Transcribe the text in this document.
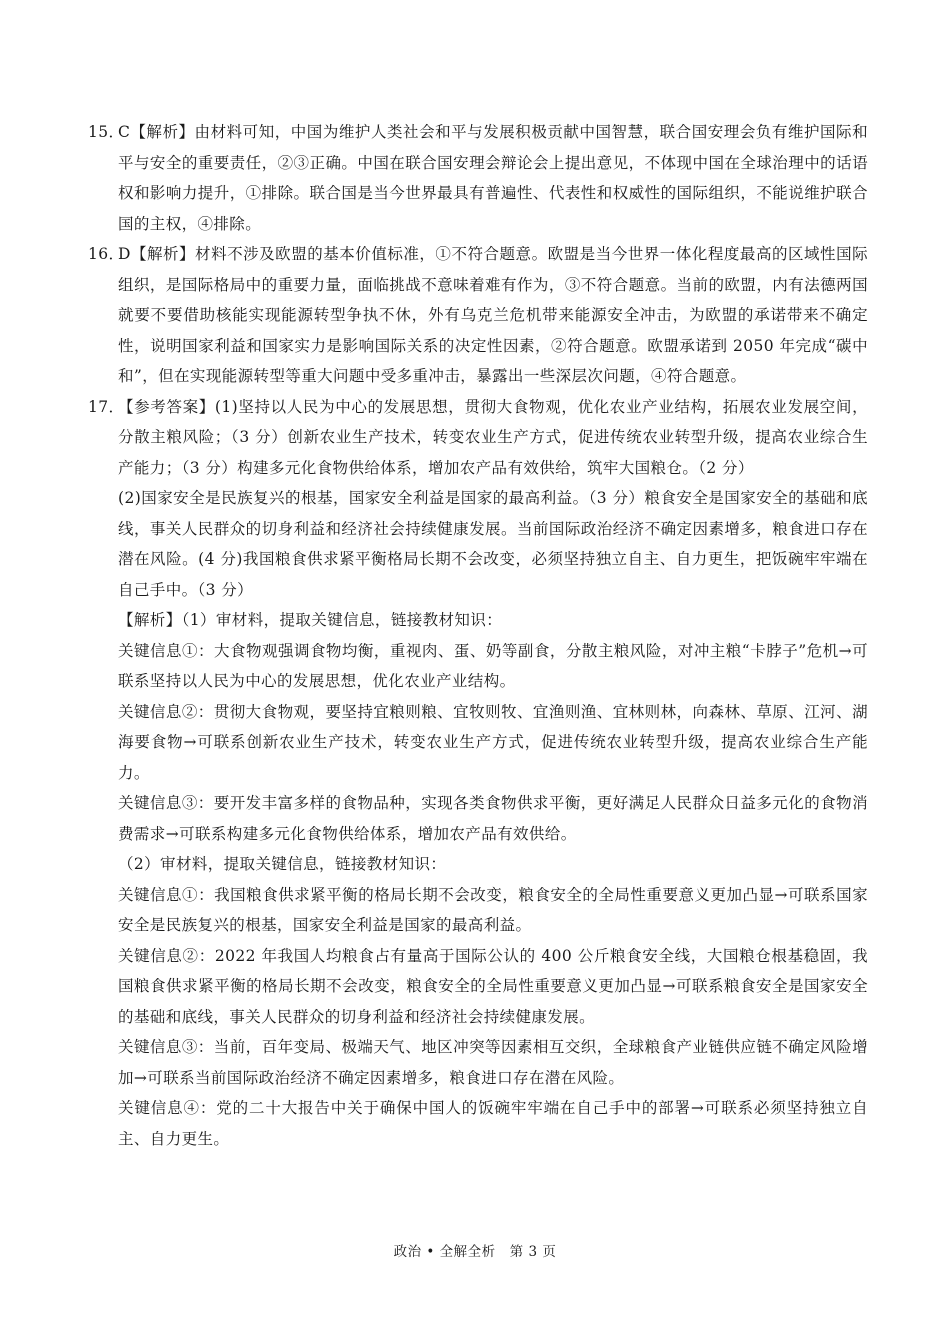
15．

C【解析】由材料可知，中国为维护人类社会和平与发展积极贡献中国智慧，联合国安理会负有维护国际和平与安全的重要责任，②③正确。中国在联合国安理会辩论会上提出意见，不体现中国在全球治理中的话语权和影响力提升，①排除。联合国是当今世界最具有普遍性、代表性和权威性的国际组织，不能说维护联合国的主权，④排除。

16．

D【解析】材料不涉及欧盟的基本价值标准，①不符合题意。欧盟是当今世界一体化程度最高的区域性国际组织，是国际格局中的重要力量，面临挑战不意味着难有作为，③不符合题意。当前的欧盟，内有法德两国就要不要借助核能实现能源转型争执不休，外有乌克兰危机带来能源安全冲击，为欧盟的承诺带来不确定性，说明国家利益和国家实力是影响国际关系的决定性因素，②符合题意。欧盟承诺到 2050 年完成“碳中和”，但在实现能源转型等重大问题中受多重冲击，暴露出一些深层次问题，④符合题意。

17．

【参考答案】(1)坚持以人民为中心的发展思想，贯彻大食物观，优化农业产业结构，拓展农业发展空间，分散主粮风险；（3 分）创新农业生产技术，转变农业生产方式，促进传统农业转型升级，提高农业综合生产能力；（3 分）构建多元化食物供给体系，增加农产品有效供给，筑牢大国粮仓。（2 分）

(2)国家安全是民族复兴的根基，国家安全利益是国家的最高利益。（3 分）粮食安全是国家安全的基础和底线，事关人民群众的切身利益和经济社会持续健康发展。当前国际政治经济不确定因素增多，粮食进口存在潜在风险。(4 分)我国粮食供求紧平衡格局长期不会改变，必须坚持独立自主、自力更生，把饭碗牢牢端在自己手中。（3 分）

【解析】（1）审材料，提取关键信息，链接教材知识：

关键信息①：大食物观强调食物均衡，重视肉、蛋、奶等副食，分散主粮风险，对冲主粮“卡脖子”危机→可联系坚持以人民为中心的发展思想，优化农业产业结构。

关键信息②：贯彻大食物观，要坚持宜粮则粮、宜牧则牧、宜渔则渔、宜林则林，向森林、草原、江河、湖海要食物→可联系创新农业生产技术，转变农业生产方式，促进传统农业转型升级，提高农业综合生产能力。

关键信息③：要开发丰富多样的食物品种，实现各类食物供求平衡，更好满足人民群众日益多元化的食物消费需求→可联系构建多元化食物供给体系，增加农产品有效供给。

（2）审材料，提取关键信息，链接教材知识：

关键信息①：我国粮食供求紧平衡的格局长期不会改变，粮食安全的全局性重要意义更加凸显→可联系国家安全是民族复兴的根基，国家安全利益是国家的最高利益。

关键信息②：2022 年我国人均粮食占有量高于国际公认的 400 公斤粮食安全线，大国粮仓根基稳固，我国粮食供求紧平衡的格局长期不会改变，粮食安全的全局性重要意义更加凸显→可联系粮食安全是国家安全的基础和底线，事关人民群众的切身利益和经济社会持续健康发展。

关键信息③：当前，百年变局、极端天气、地区冲突等因素相互交织，全球粮食产业链供应链不确定风险增加→可联系当前国际政治经济不确定因素增多，粮食进口存在潜在风险。

关键信息④：党的二十大报告中关于确保中国人的饭碗牢牢端在自己手中的部署→可联系必须坚持独立自主、自力更生。

政治 • 全解全析　第 3 页
